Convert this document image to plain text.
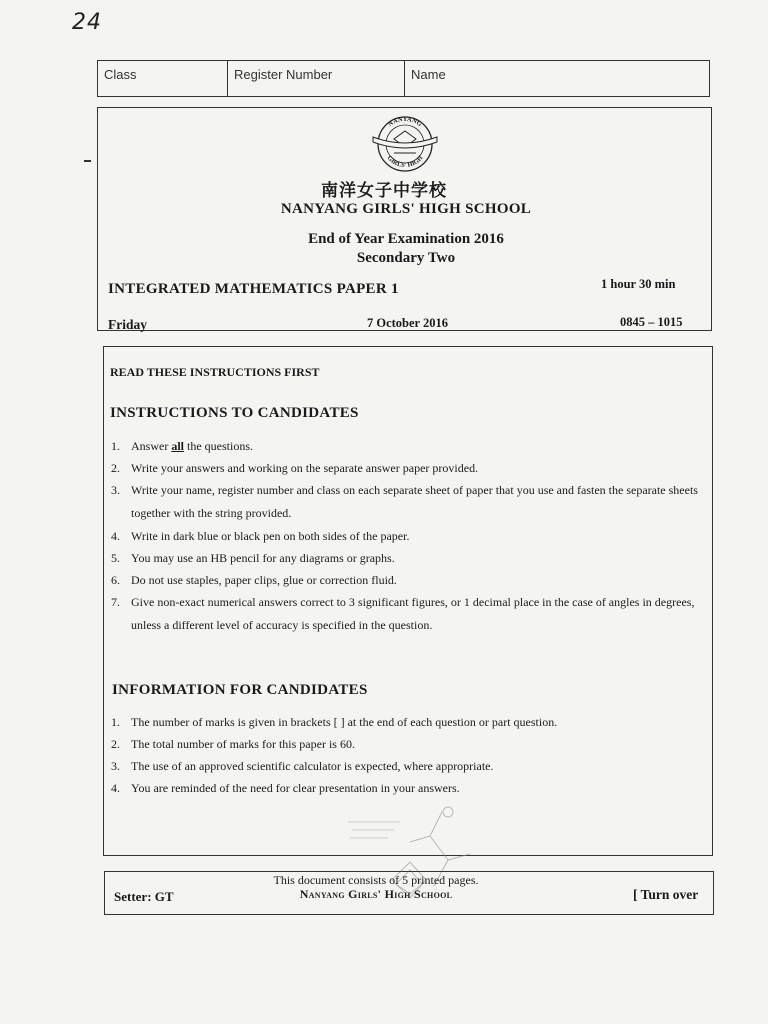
24
Class	Register Number	Name
NANYANG
GIRLS' HIGH
南洋女子中学校
NANYANG GIRLS' HIGH SCHOOL
End of Year Examination 2016
Secondary Two
INTEGRATED MATHEMATICS PAPER 1	1 hour 30 min
Friday	7 October 2016	0845 – 1015
READ THESE INSTRUCTIONS FIRST
INSTRUCTIONS TO CANDIDATES
1. Answer all the questions.
2. Write your answers and working on the separate answer paper provided.
3. Write your name, register number and class on each separate sheet of paper that you use and fasten the separate sheets together with the string provided.
4. Write in dark blue or black pen on both sides of the paper.
5. You may use an HB pencil for any diagrams or graphs.
6. Do not use staples, paper clips, glue or correction fluid.
7. Give non-exact numerical answers correct to 3 significant figures, or 1 decimal place in the case of angles in degrees, unless a different level of accuracy is specified in the question.
INFORMATION FOR CANDIDATES
1. The number of marks is given in brackets [ ] at the end of each question or part question.
2. The total number of marks for this paper is 60.
3. The use of an approved scientific calculator is expected, where appropriate.
4. You are reminded of the need for clear presentation in your answers.
Setter: GT
This document consists of 5 printed pages.
Nanyang Girls' High School	[ Turn over
